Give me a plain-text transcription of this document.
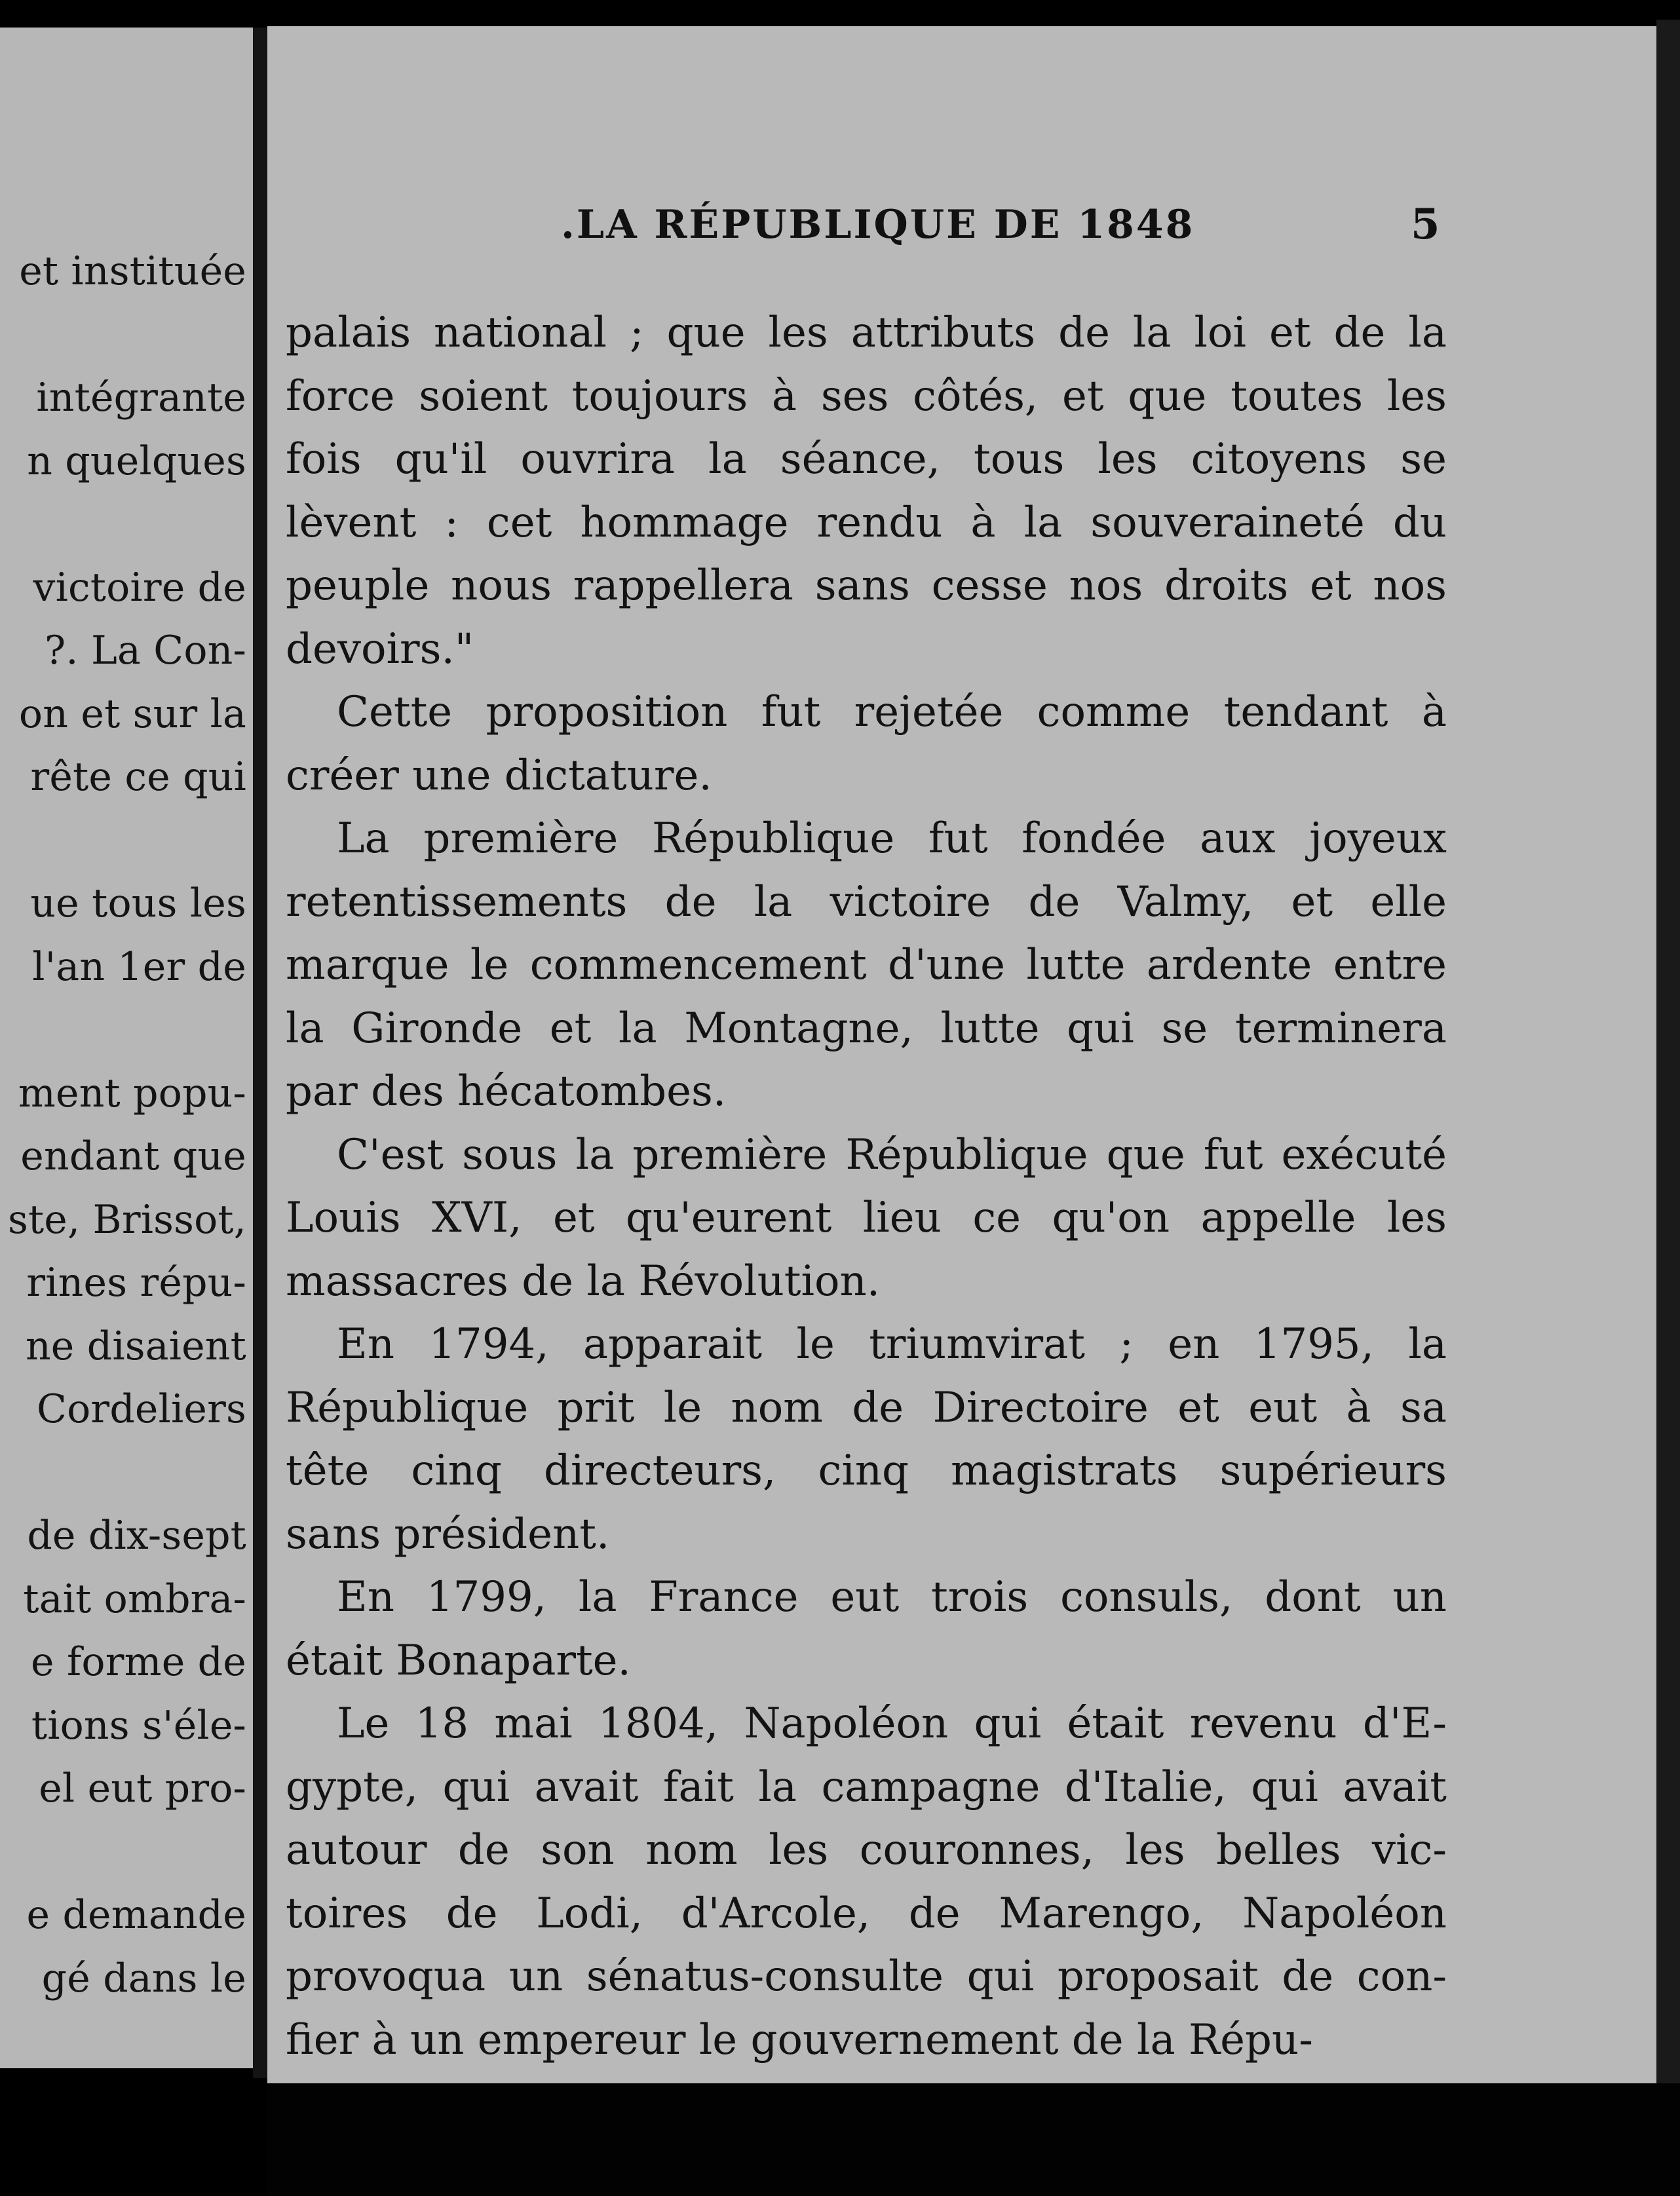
et instituée
intégrante
n quelques
victoire de
?. La Con-
on et sur la
rête ce qui
ue tous les
l'an 1er de
ment popu-
endant que
ste, Brissot,
rines répu-
ne disaient
Cordeliers
de dix-sept
tait ombra-
e forme de
tions s'éle-
el eut pro-
e demande
gé dans le
.LA RÉPUBLIQUE DE 1848	5
palais national ; que les attributs de la loi et de la
force soient toujours à ses côtés, et que toutes les
fois qu'il ouvrira la séance, tous les citoyens se
lèvent : cet hommage rendu à la souveraineté du
peuple nous rappellera sans cesse nos droits et nos
devoirs."
Cette proposition fut rejetée comme tendant à
créer une dictature.
La première République fut fondée aux joyeux
retentissements de la victoire de Valmy, et elle
marque le commencement d'une lutte ardente entre
la Gironde et la Montagne, lutte qui se terminera
par des hécatombes.
C'est sous la première République que fut exécuté
Louis XVI, et qu'eurent lieu ce qu'on appelle les
massacres de la Révolution.
En 1794, apparait le triumvirat ; en 1795, la
République prit le nom de Directoire et eut à sa
tête cinq directeurs, cinq magistrats supérieurs
sans président.
En 1799, la France eut trois consuls, dont un
était Bonaparte.
Le 18 mai 1804, Napoléon qui était revenu d'E-
gypte, qui avait fait la campagne d'Italie, qui avait
autour de son nom les couronnes, les belles vic-
toires de Lodi, d'Arcole, de Marengo, Napoléon
provoqua un sénatus-consulte qui proposait de con-
fier à un empereur le gouvernement de la Répu-
